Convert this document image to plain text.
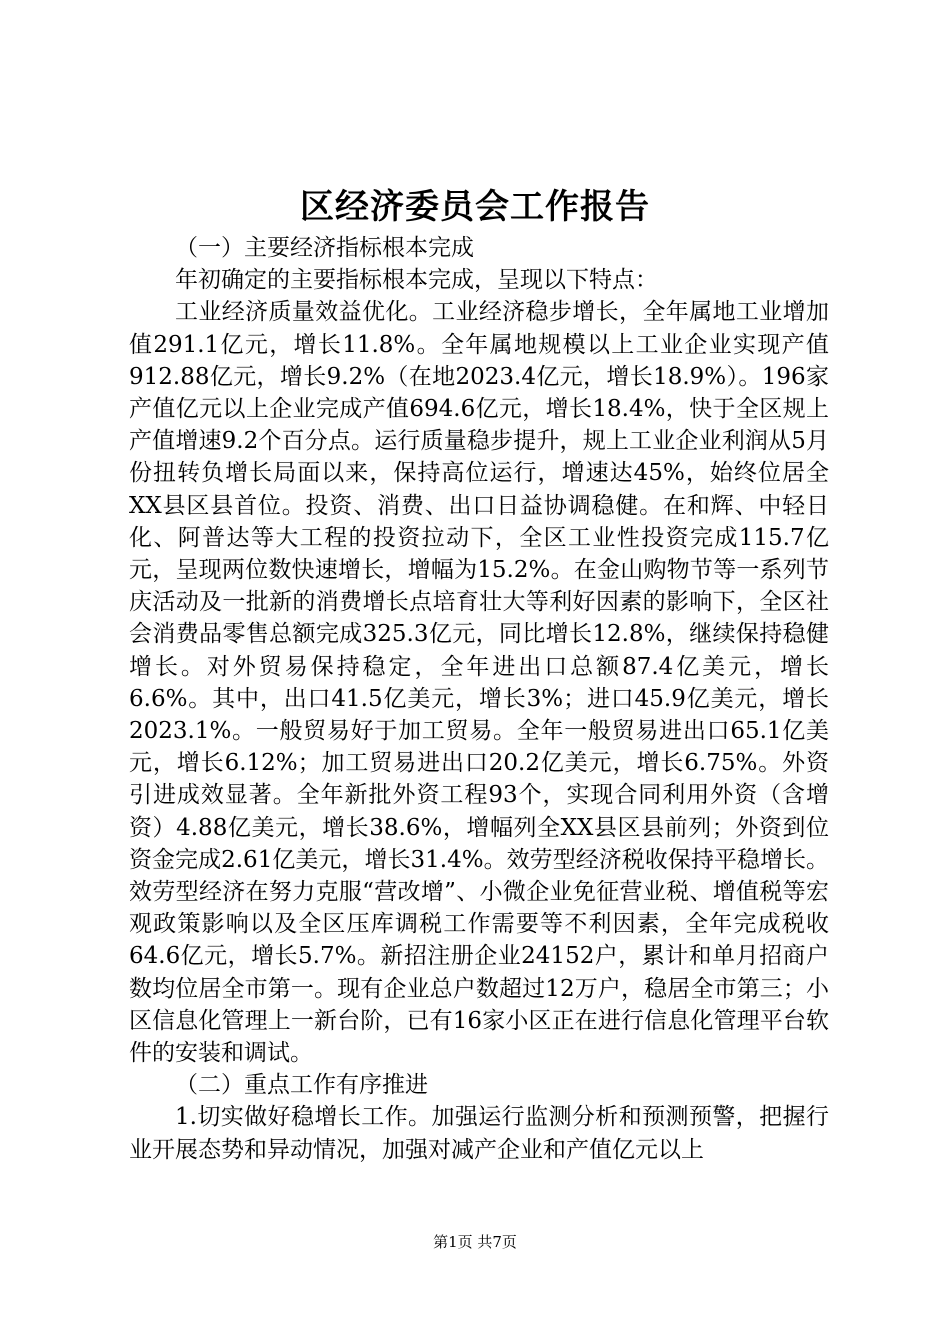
区经济委员会工作报告

（一）主要经济指标根本完成

年初确定的主要指标根本完成，呈现以下特点：

工业经济质量效益优化。工业经济稳步增长，全年属地工业增加值291.1亿元，增长11.8%。全年属地规模以上工业企业实现产值912.88亿元，增长9.2%（在地2023.4亿元，增长18.9%）。196家产值亿元以上企业完成产值694.6亿元，增长18.4%，快于全区规上产值增速9.2个百分点。运行质量稳步提升，规上工业企业利润从5月份扭转负增长局面以来，保持高位运行，增速达45%，始终位居全XX县区县首位。投资、消费、出口日益协调稳健。在和辉、中轻日化、阿普达等大工程的投资拉动下，全区工业性投资完成115.7亿元，呈现两位数快速增长，增幅为15.2%。在金山购物节等一系列节庆活动及一批新的消费增长点培育壮大等利好因素的影响下，全区社会消费品零售总额完成325.3亿元，同比增长12.8%，继续保持稳健增长。对外贸易保持稳定，全年进出口总额87.4亿美元，增长6.6%。其中，出口41.5亿美元，增长3%；进口45.9亿美元，增长2023.1%。一般贸易好于加工贸易。全年一般贸易进出口65.1亿美元，增长6.12%；加工贸易进出口20.2亿美元，增长6.75%。外资引进成效显著。全年新批外资工程93个，实现合同利用外资（含增资）4.88亿美元，增长38.6%，增幅列全XX县区县前列；外资到位资金完成2.61亿美元，增长31.4%。效劳型经济税收保持平稳增长。效劳型经济在努力克服“营改增”、小微企业免征营业税、增值税等宏观政策影响以及全区压库调税工作需要等不利因素，全年完成税收64.6亿元，增长5.7%。新招注册企业24152户，累计和单月招商户数均位居全市第一。现有企业总户数超过12万户，稳居全市第三；小区信息化管理上一新台阶，已有16家小区正在进行信息化管理平台软件的安装和调试。

（二）重点工作有序推进

1.切实做好稳增长工作。加强运行监测分析和预测预警，把握行业开展态势和异动情况，加强对减产企业和产值亿元以上

第1页 共7页
